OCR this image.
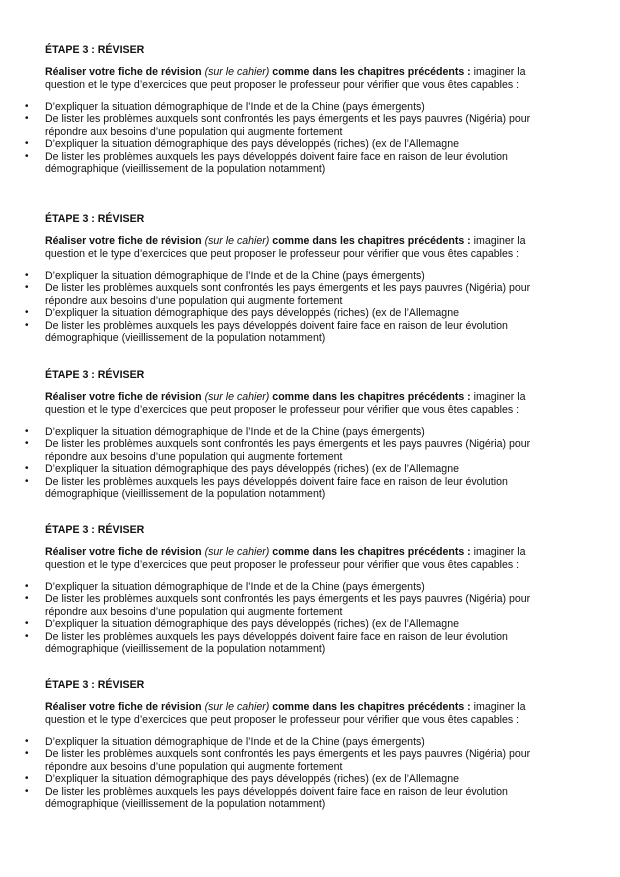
ÉTAPE 3 : RÉVISER
Réaliser votre fiche de révision (sur le cahier) comme dans les chapitres précédents : imaginer la
question et le type d’exercices que peut proposer le professeur pour vérifier que vous êtes capables :
• D’expliquer la situation démographique de l’Inde et de la Chine (pays émergents)
• De lister les problèmes auxquels sont confrontés les pays émergents et les pays pauvres (Nigéria) pour
répondre aux besoins d’une population qui augmente fortement
• D’expliquer la situation démographique des pays développés (riches) (ex de l’Allemagne
• De lister les problèmes auxquels les pays développés doivent faire face en raison de leur évolution
démographique (vieillissement de la population notamment)
ÉTAPE 3 : RÉVISER
Réaliser votre fiche de révision (sur le cahier) comme dans les chapitres précédents : imaginer la
question et le type d’exercices que peut proposer le professeur pour vérifier que vous êtes capables :
• D’expliquer la situation démographique de l’Inde et de la Chine (pays émergents)
• De lister les problèmes auxquels sont confrontés les pays émergents et les pays pauvres (Nigéria) pour
répondre aux besoins d’une population qui augmente fortement
• D’expliquer la situation démographique des pays développés (riches) (ex de l’Allemagne
• De lister les problèmes auxquels les pays développés doivent faire face en raison de leur évolution
démographique (vieillissement de la population notamment)
ÉTAPE 3 : RÉVISER
Réaliser votre fiche de révision (sur le cahier) comme dans les chapitres précédents : imaginer la
question et le type d’exercices que peut proposer le professeur pour vérifier que vous êtes capables :
• D’expliquer la situation démographique de l’Inde et de la Chine (pays émergents)
• De lister les problèmes auxquels sont confrontés les pays émergents et les pays pauvres (Nigéria) pour
répondre aux besoins d’une population qui augmente fortement
• D’expliquer la situation démographique des pays développés (riches) (ex de l’Allemagne
• De lister les problèmes auxquels les pays développés doivent faire face en raison de leur évolution
démographique (vieillissement de la population notamment)
ÉTAPE 3 : RÉVISER
Réaliser votre fiche de révision (sur le cahier) comme dans les chapitres précédents : imaginer la
question et le type d’exercices que peut proposer le professeur pour vérifier que vous êtes capables :
• D’expliquer la situation démographique de l’Inde et de la Chine (pays émergents)
• De lister les problèmes auxquels sont confrontés les pays émergents et les pays pauvres (Nigéria) pour
répondre aux besoins d’une population qui augmente fortement
• D’expliquer la situation démographique des pays développés (riches) (ex de l’Allemagne
• De lister les problèmes auxquels les pays développés doivent faire face en raison de leur évolution
démographique (vieillissement de la population notamment)
ÉTAPE 3 : RÉVISER
Réaliser votre fiche de révision (sur le cahier) comme dans les chapitres précédents : imaginer la
question et le type d’exercices que peut proposer le professeur pour vérifier que vous êtes capables :
• D’expliquer la situation démographique de l’Inde et de la Chine (pays émergents)
• De lister les problèmes auxquels sont confrontés les pays émergents et les pays pauvres (Nigéria) pour
répondre aux besoins d’une population qui augmente fortement
• D’expliquer la situation démographique des pays développés (riches) (ex de l’Allemagne
• De lister les problèmes auxquels les pays développés doivent faire face en raison de leur évolution
démographique (vieillissement de la population notamment)
